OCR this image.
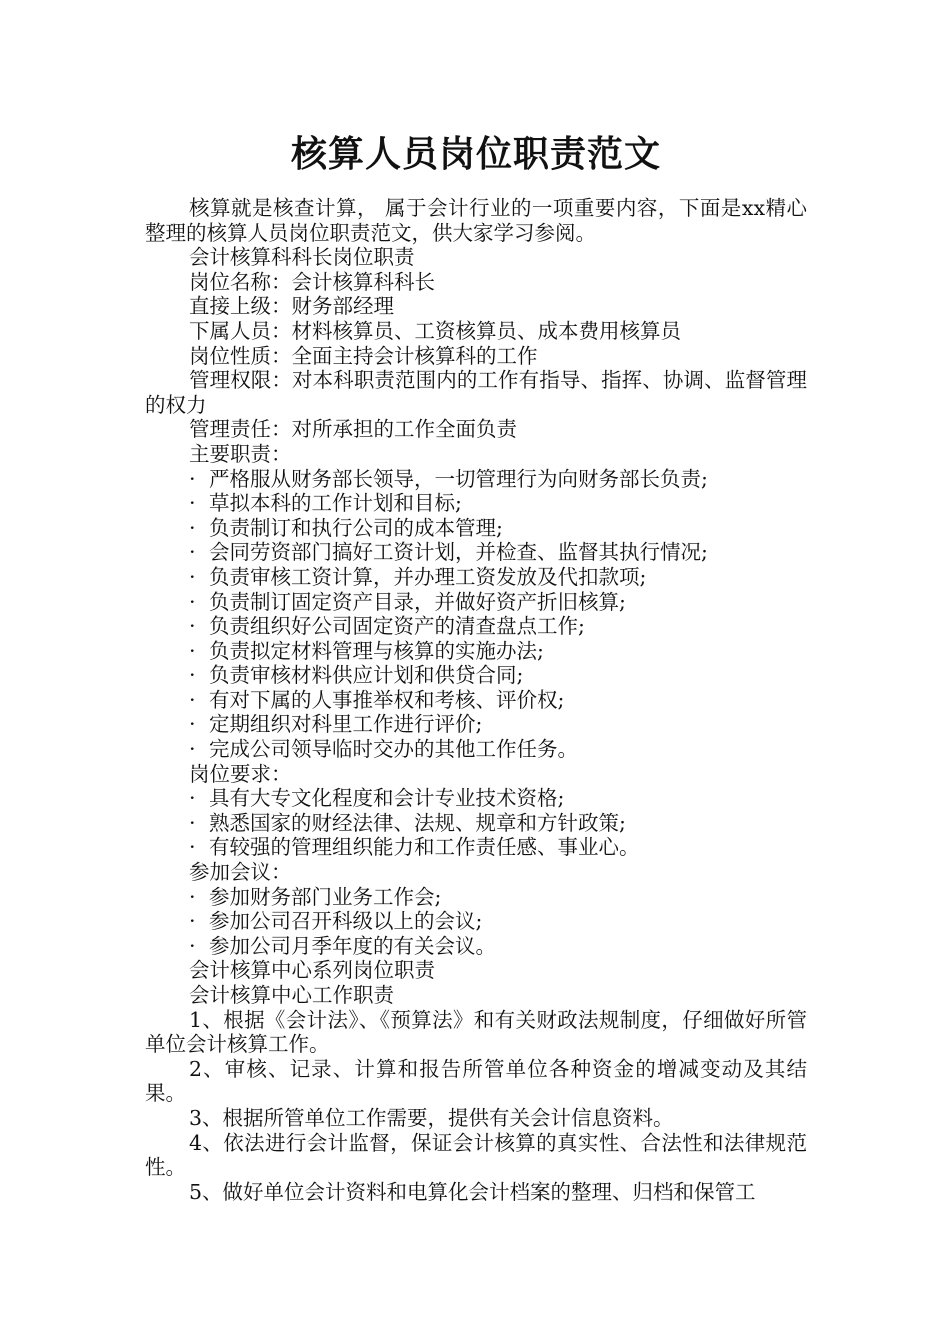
核算人员岗位职责范文

核算就是核查计算， 属于会计行业的一项重要内容，下面是xx精心整理的核算人员岗位职责范文，供大家学习参阅。

会计核算科科长岗位职责

岗位名称：会计核算科科长

直接上级：财务部经理

下属人员：材料核算员、工资核算员、成本费用核算员

岗位性质：全面主持会计核算科的工作

管理权限：对本科职责范围内的工作有指导、指挥、协调、监督管理的权力

管理责任：对所承担的工作全面负责

主要职责：

· 严格服从财务部长领导，一切管理行为向财务部长负责;

· 草拟本科的工作计划和目标;

· 负责制订和执行公司的成本管理;

· 会同劳资部门搞好工资计划，并检查、监督其执行情况;

· 负责审核工资计算，并办理工资发放及代扣款项;

· 负责制订固定资产目录，并做好资产折旧核算;

· 负责组织好公司固定资产的清查盘点工作;

· 负责拟定材料管理与核算的实施办法;

· 负责审核材料供应计划和供贷合同;

· 有对下属的人事推举权和考核、评价权;

· 定期组织对科里工作进行评价;

· 完成公司领导临时交办的其他工作任务。

岗位要求：

· 具有大专文化程度和会计专业技术资格;

· 熟悉国家的财经法律、法规、规章和方针政策;

· 有较强的管理组织能力和工作责任感、事业心。

参加会议：

· 参加财务部门业务工作会;

· 参加公司召开科级以上的会议;

· 参加公司月季年度的有关会议。

会计核算中心系列岗位职责

会计核算中心工作职责

1、根据《会计法》、《预算法》和有关财政法规制度，仔细做好所管单位会计核算工作。

2、审核、记录、计算和报告所管单位各种资金的增减变动及其结果。

3、根据所管单位工作需要，提供有关会计信息资料。

4、依法进行会计监督，保证会计核算的真实性、合法性和法律规范性。

5、做好单位会计资料和电算化会计档案的整理、归档和保管工
